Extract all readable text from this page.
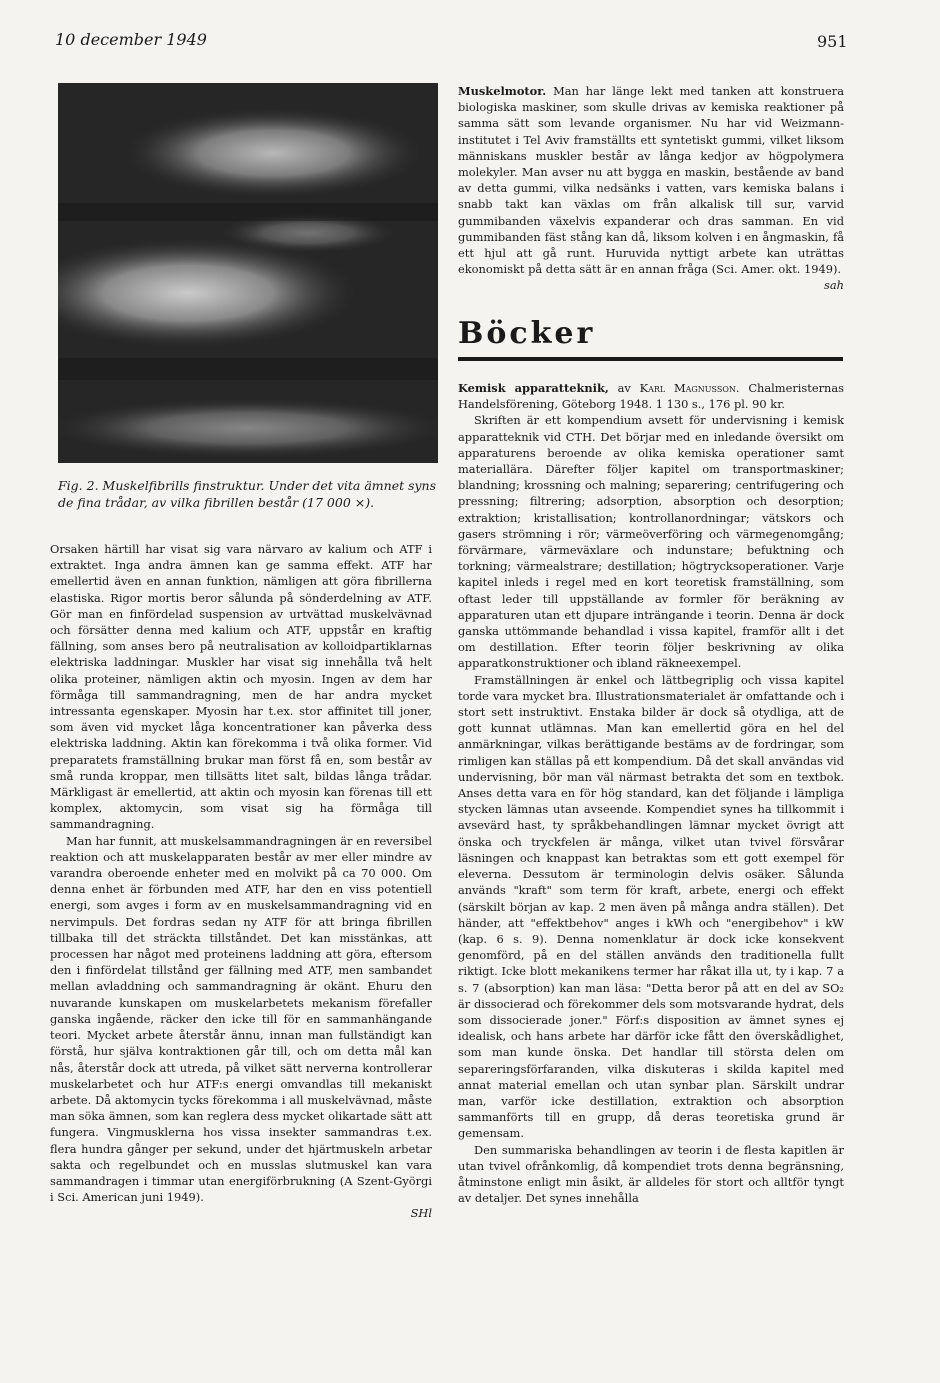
10 december 1949	951
Fig. 2. Muskelfibrills finstruktur. Under det vita ämnet syns de fina trådar, av vilka fibrillen består (17 000 ×).

Orsaken härtill har visat sig vara närvaro av kalium och ATF i extraktet. Inga andra ämnen kan ge samma effekt. ATF har emellertid även en annan funktion, nämligen att göra fibrillerna elastiska. Rigor mortis beror sålunda på sönderdelning av ATF. Gör man en finfördelad suspension av urtvättad muskelvävnad och försätter denna med kalium och ATF, uppstår en kraftig fällning, som anses bero på neutralisation av kolloidpartiklarnas elektriska laddningar. Muskler har visat sig innehålla två helt olika proteiner, nämligen aktin och myosin. Ingen av dem har förmåga till sammandragning, men de har andra mycket intressanta egenskaper. Myosin har t.ex. stor affinitet till joner, som även vid mycket låga koncentrationer kan påverka dess elektriska laddning. Aktin kan förekomma i två olika former. Vid preparatets framställning brukar man först få en, som består av små runda kroppar, men tillsätts litet salt, bildas långa trådar. Märkligast är emellertid, att aktin och myosin kan förenas till ett komplex, aktomycin, som visat sig ha förmåga till sammandragning.

Man har funnit, att muskelsammandragningen är en reversibel reaktion och att muskelapparaten består av mer eller mindre av varandra oberoende enheter med en molvikt på ca 70 000. Om denna enhet är förbunden med ATF, har den en viss potentiell energi, som avges i form av en muskelsammandragning vid en nervimpuls. Det fordras sedan ny ATF för att bringa fibrillen tillbaka till det sträckta tillståndet. Det kan misstänkas, att processen har något med proteinens laddning att göra, eftersom den i finfördelat tillstånd ger fällning med ATF, men sambandet mellan avladdning och sammandragning är okänt. Ehuru den nuvarande kunskapen om muskelarbetets mekanism förefaller ganska ingående, räcker den icke till för en sammanhängande teori. Mycket arbete återstår ännu, innan man fullständigt kan förstå, hur själva kontraktionen går till, och om detta mål kan nås, återstår dock att utreda, på vilket sätt nerverna kontrollerar muskelarbetet och hur ATF:s energi omvandlas till mekaniskt arbete. Då aktomycin tycks förekomma i all muskelvävnad, måste man söka ämnen, som kan reglera dess mycket olikartade sätt att fungera. Vingmusklerna hos vissa insekter sammandras t.ex. flera hundra gånger per sekund, under det hjärtmuskeln arbetar sakta och regelbundet och en musslas slutmuskel kan vara sammandragen i timmar utan energiförbrukning (A Szent-Györgi i Sci. American juni 1949).

SHl

Muskelmotor. Man har länge lekt med tanken att konstruera biologiska maskiner, som skulle drivas av kemiska reaktioner på samma sätt som levande organismer. Nu har vid Weizmann-institutet i Tel Aviv framställts ett syntetiskt gummi, vilket liksom människans muskler består av långa kedjor av högpolymera molekyler. Man avser nu att bygga en maskin, bestående av band av detta gummi, vilka nedsänks i vatten, vars kemiska balans i snabb takt kan växlas om från alkalisk till sur, varvid gummibanden växelvis expanderar och dras samman. En vid gummibanden fäst stång kan då, liksom kolven i en ångmaskin, få ett hjul att gå runt. Huruvida nyttigt arbete kan uträttas ekonomiskt på detta sätt är en annan fråga (Sci. Amer. okt. 1949).

sah
Böcker

Kemisk apparatteknik, av Karl Magnusson. Chalmeristernas Handelsförening, Göteborg 1948. 1 130 s., 176 pl. 90 kr.

Skriften är ett kompendium avsett för undervisning i kemisk apparatteknik vid CTH. Det börjar med en inledande översikt om apparaturens beroende av olika kemiska operationer samt materiallära. Därefter följer kapitel om transportmaskiner; blandning; krossning och malning; separering; centrifugering och pressning; filtrering; adsorption, absorption och desorption; extraktion; kristallisation; kontrollanordningar; vätskors och gasers strömning i rör; värmeöverföring och värmegenomgång; förvärmare, värmeväxlare och indunstare; befuktning och torkning; värmealstrare; destillation; högtrycksoperationer. Varje kapitel inleds i regel med en kort teoretisk framställning, som oftast leder till uppställande av formler för beräkning av apparaturen utan ett djupare inträngande i teorin. Denna är dock ganska uttömmande behandlad i vissa kapitel, framför allt i det om destillation. Efter teorin följer beskrivning av olika apparatkonstruktioner och ibland räkneexempel.

Framställningen är enkel och lättbegriplig och vissa kapitel torde vara mycket bra. Illustrationsmaterialet är omfattande och i stort sett instruktivt. Enstaka bilder är dock så otydliga, att de gott kunnat utlämnas. Man kan emellertid göra en hel del anmärkningar, vilkas berättigande bestäms av de fordringar, som rimligen kan ställas på ett kompendium. Då det skall användas vid undervisning, bör man väl närmast betrakta det som en textbok. Anses detta vara en för hög standard, kan det följande i lämpliga stycken lämnas utan avseende. Kompendiet synes ha tillkommit i avsevärd hast, ty språkbehandlingen lämnar mycket övrigt att önska och tryckfelen är många, vilket utan tvivel försvårar läsningen och knappast kan betraktas som ett gott exempel för eleverna. Dessutom är terminologin delvis osäker. Sålunda används "kraft" som term för kraft, arbete, energi och effekt (särskilt början av kap. 2 men även på många andra ställen). Det händer, att "effektbehov" anges i kWh och "energibehov" i kW (kap. 6 s. 9). Denna nomenklatur är dock icke konsekvent genomförd, på en del ställen används den traditionella fullt riktigt. Icke blott mekanikens termer har råkat illa ut, ty i kap. 7 a s. 7 (absorption) kan man läsa: "Detta beror på att en del av SO₂ är dissocierad och förekommer dels som motsvarande hydrat, dels som dissocierade joner." Förf:s disposition av ämnet synes ej idealisk, och hans arbete har därför icke fått den överskådlighet, som man kunde önska. Det handlar till största delen om separeringsförfaranden, vilka diskuteras i skilda kapitel med annat material emellan och utan synbar plan. Särskilt undrar man, varför icke destillation, extraktion och absorption sammanförts till en grupp, då deras teoretiska grund är gemensam.

Den summariska behandlingen av teorin i de flesta kapitlen är utan tvivel ofrånkomlig, då kompendiet trots denna begränsning, åtminstone enligt min åsikt, är alldeles för stort och alltför tyngt av detaljer. Det synes innehålla
